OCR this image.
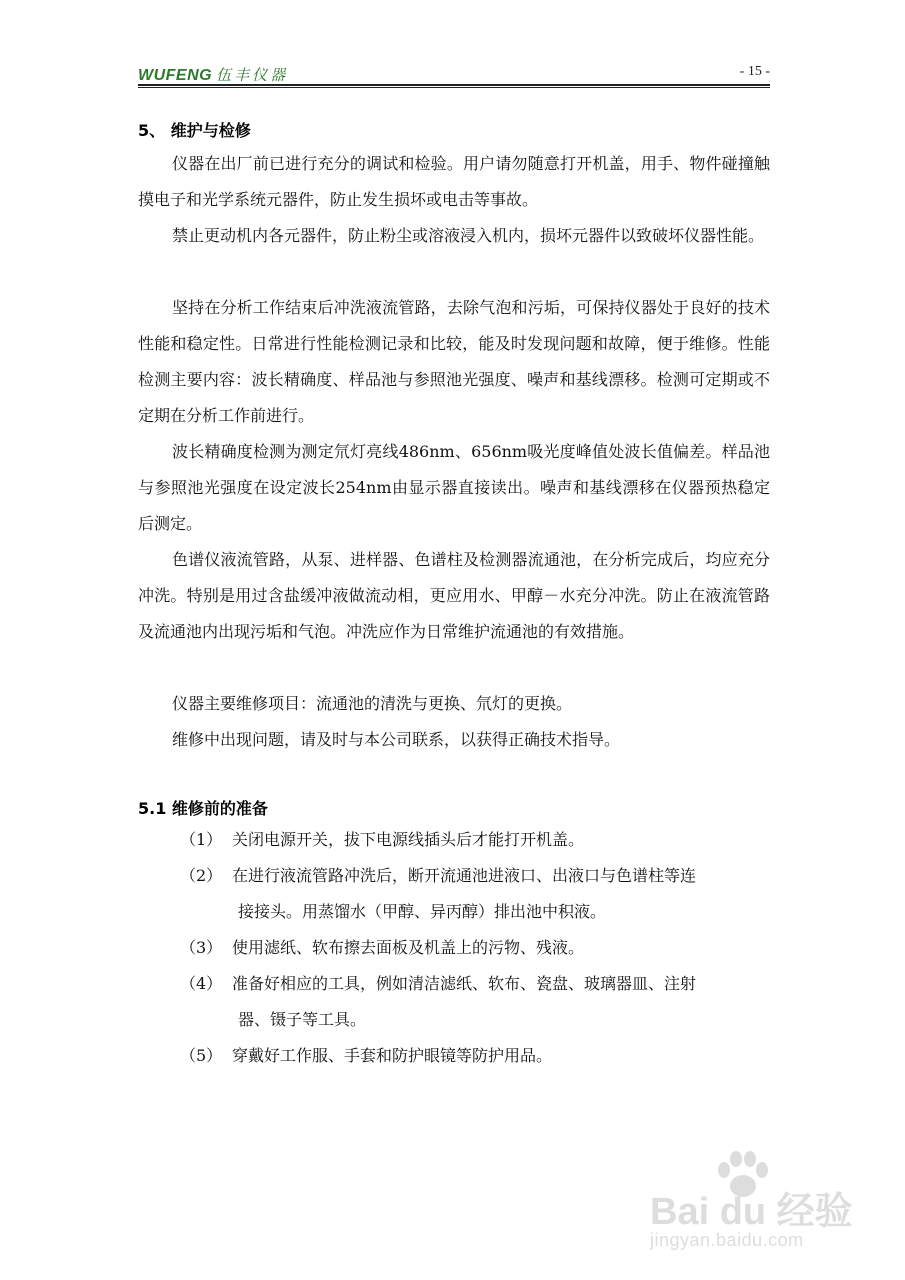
WUFENG 伍丰仪器	- 15 -
5、 维护与检修
仪器在出厂前已进行充分的调试和检验。用户请勿随意打开机盖，用手、物件碰撞触摸电子和光学系统元器件，防止发生损坏或电击等事故。
禁止更动机内各元器件，防止粉尘或溶液浸入机内，损坏元器件以致破坏仪器性能。
坚持在分析工作结束后冲洗液流管路，去除气泡和污垢，可保持仪器处于良好的技术性能和稳定性。日常进行性能检测记录和比较，能及时发现问题和故障，便于维修。性能检测主要内容：波长精确度、样品池与参照池光强度、噪声和基线漂移。检测可定期或不定期在分析工作前进行。
波长精确度检测为测定氘灯亮线486nm、656nm吸光度峰值处波长值偏差。样品池与参照池光强度在设定波长254nm由显示器直接读出。噪声和基线漂移在仪器预热稳定后测定。
色谱仪液流管路，从泵、进样器、色谱柱及检测器流通池，在分析完成后，均应充分冲洗。特别是用过含盐缓冲液做流动相，更应用水、甲醇－水充分冲洗。防止在液流管路及流通池内出现污垢和气泡。冲洗应作为日常维护流通池的有效措施。
仪器主要维修项目：流通池的清洗与更换、氘灯的更换。
维修中出现问题，请及时与本公司联系，以获得正确技术指导。
5.1 维修前的准备
（1） 关闭电源开关，拔下电源线插头后才能打开机盖。
（2） 在进行液流管路冲洗后，断开流通池进液口、出液口与色谱柱等连
接接头。用蒸馏水（甲醇、异丙醇）排出池中积液。
（3） 使用滤纸、软布擦去面板及机盖上的污物、残液。
（4） 准备好相应的工具，例如清洁滤纸、软布、瓷盘、玻璃器皿、注射
器、镊子等工具。
（5） 穿戴好工作服、手套和防护眼镜等防护用品。
Bai du 经验
jingyan.baidu.com
